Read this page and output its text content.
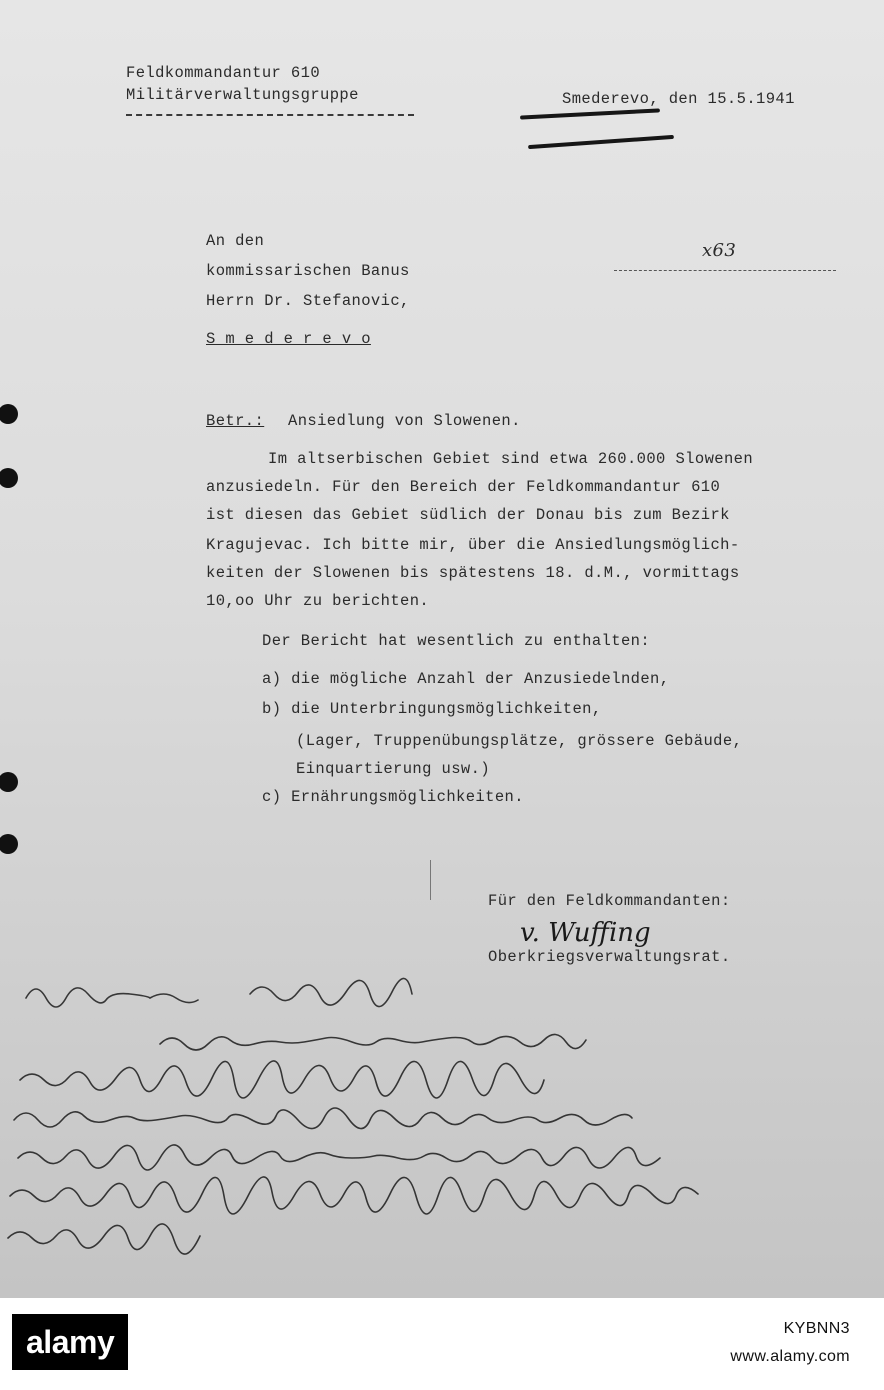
Feldkommandantur 610
Militärverwaltungsgruppe	Smederevo, den 15.5.1941
x63
An den
kommissarischen Banus
Herrn Dr. Stefanovic,
S m e d e r e v o
Betr.: Ansiedlung von Slowenen.
Im altserbischen Gebiet sind etwa 260.000 Slowenen
anzusiedeln. Für den Bereich der Feldkommandantur 610
ist diesen das Gebiet südlich der Donau bis zum Bezirk
Kragujevac. Ich bitte mir, über die Ansiedlungsmöglich-
keiten der Slowenen bis spätestens 18. d.M., vormittags
10,oo Uhr zu berichten.
Der Bericht hat wesentlich zu enthalten:
a) die mögliche Anzahl der Anzusiedelnden,
b) die Unterbringungsmöglichkeiten,
(Lager, Truppenübungsplätze, grössere Gebäude,
Einquartierung usw.)
c) Ernährungsmöglichkeiten.
Für den Feldkommandanten:
v. Wuffing
Oberkriegsverwaltungsrat.
alamy	KYBNN3
www.alamy.com
